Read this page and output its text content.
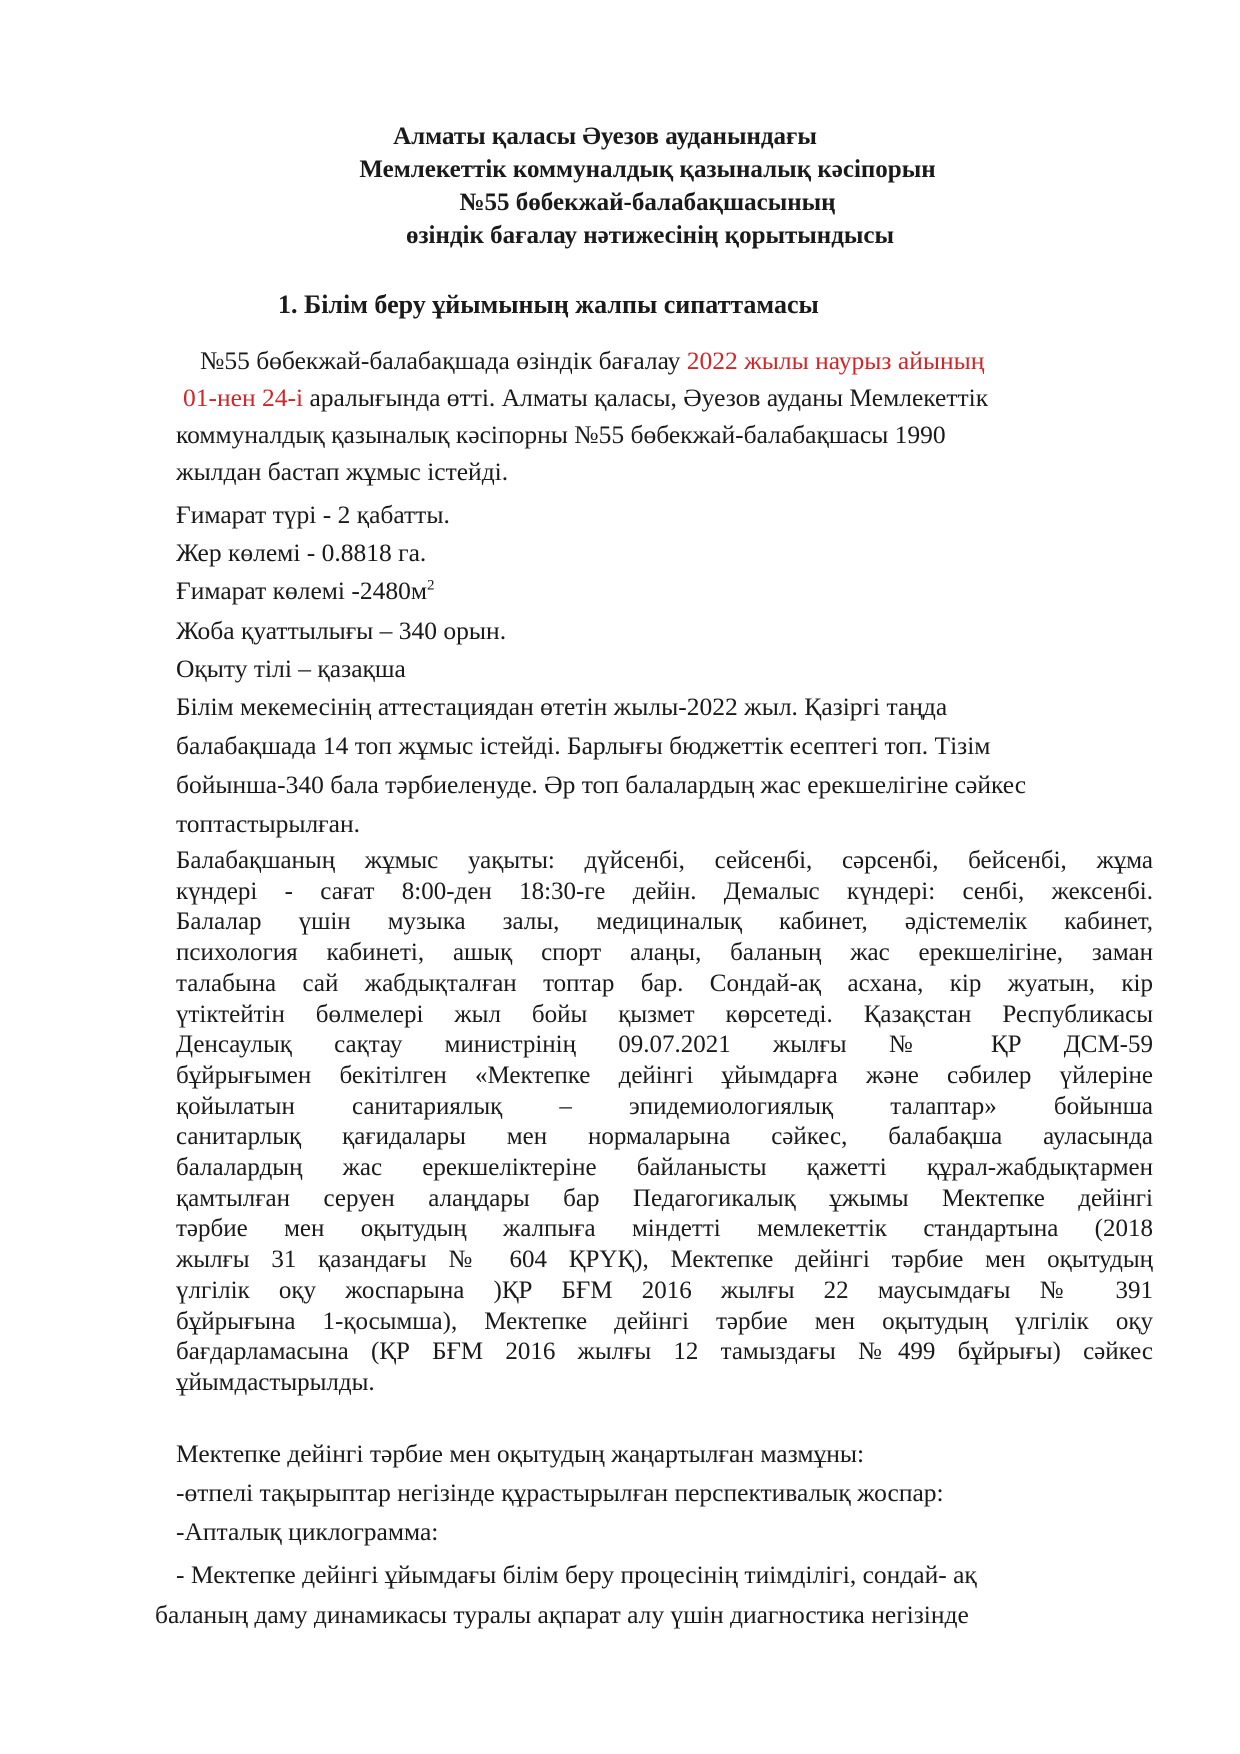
Алматы қаласы Әуезов ауданындағы
Мемлекеттік коммуналдық қазыналық кәсіпорын
№55 бөбекжай-балабақшасының
өзіндік бағалау нәтижесінің қорытындысы
1. Білім беру ұйымының жалпы сипаттамасы
№55 бөбекжай-балабақшада өзіндік бағалау 2022 жылы наурыз айының
01-нен 24-і аралығында өтті. Алматы қаласы, Әуезов ауданы Мемлекеттік
коммуналдық қазыналық кәсіпорны №55 бөбекжай-балабақшасы 1990
жылдан бастап жұмыс істейді.
Ғимарат түрі - 2 қабатты.
Жер көлемі - 0.8818 га.
Ғимарат көлемі $-2480м^2$
Жоба қуаттылығы – 340 орын.
Оқыту тілі – қазақша
Білім мекемесінің аттестациядан өтетін жылы-2022 жыл. Қазіргі таңда
балабақшада 14 топ жұмыс істейді. Барлығы бюджеттік есептегі топ. Тізім
бойынша-340 бала тәрбиеленуде. Әр топ балалардың жас ерекшелігіне сәйкес
топтастырылған.
Балабақшаның жұмыс уақыты: дүйсенбі, сейсенбі, сәрсенбі, бейсенбі, жұма
күндері - сағат 8:00-ден 18:30-ге дейін. Демалыс күндері: сенбі, жексенбі.
Балалар үшін музыка залы, медициналық кабинет, әдістемелік кабинет,
психология кабинеті, ашық спорт алаңы, баланың жас ерекшелігіне, заман
талабына сай жабдықталған топтар бар. Сондай-ақ асхана, кір жуатын, кір
үтіктейтін бөлмелері жыл бойы қызмет көрсетеді. Қазақстан Республикасы
Денсаулық сақтау министрінің 09.07.2021 жылғы № ҚР ДСМ-59
бұйрығымен бекітілген «Мектепке дейінгі ұйымдарға және сәбилер үйлеріне
қойылатын санитариялық – эпидемиологиялық талаптар» бойынша
санитарлық қағидалары мен нормаларына сәйкес, балабақша ауласында
балалардың жас ерекшеліктеріне байланысты қажетті құрал-жабдықтармен
қамтылған серуен алаңдары бар Педагогикалық ұжымы Мектепке дейінгі
тәрбие мен оқытудың жалпыға міндетті мемлекеттік стандартына (2018
жылғы 31 қазандағы № 604 ҚРҮҚ), Мектепке дейінгі тәрбие мен оқытудың
үлгілік оқу жоспарына )ҚР БҒМ 2016 жылғы 22 маусымдағы № 391
бұйрығына 1-қосымша), Мектепке дейінгі тәрбие мен оқытудың үлгілік оқу
бағдарламасына (ҚР БҒМ 2016 жылғы 12 тамыздағы №499 бұйрығы) сәйкес
ұйымдастырылды.
Мектепке дейінгі тәрбие мен оқытудың жаңартылған мазмұны:
-өтпелі тақырыптар негізінде құрастырылған перспективалық жоспар:
-Апталық циклограмма:
- Мектепке дейінгі ұйымдағы білім беру процесінің тиімділігі, сондай- ақ
баланың даму динамикасы туралы ақпарат алу үшін диагностика негізінде
